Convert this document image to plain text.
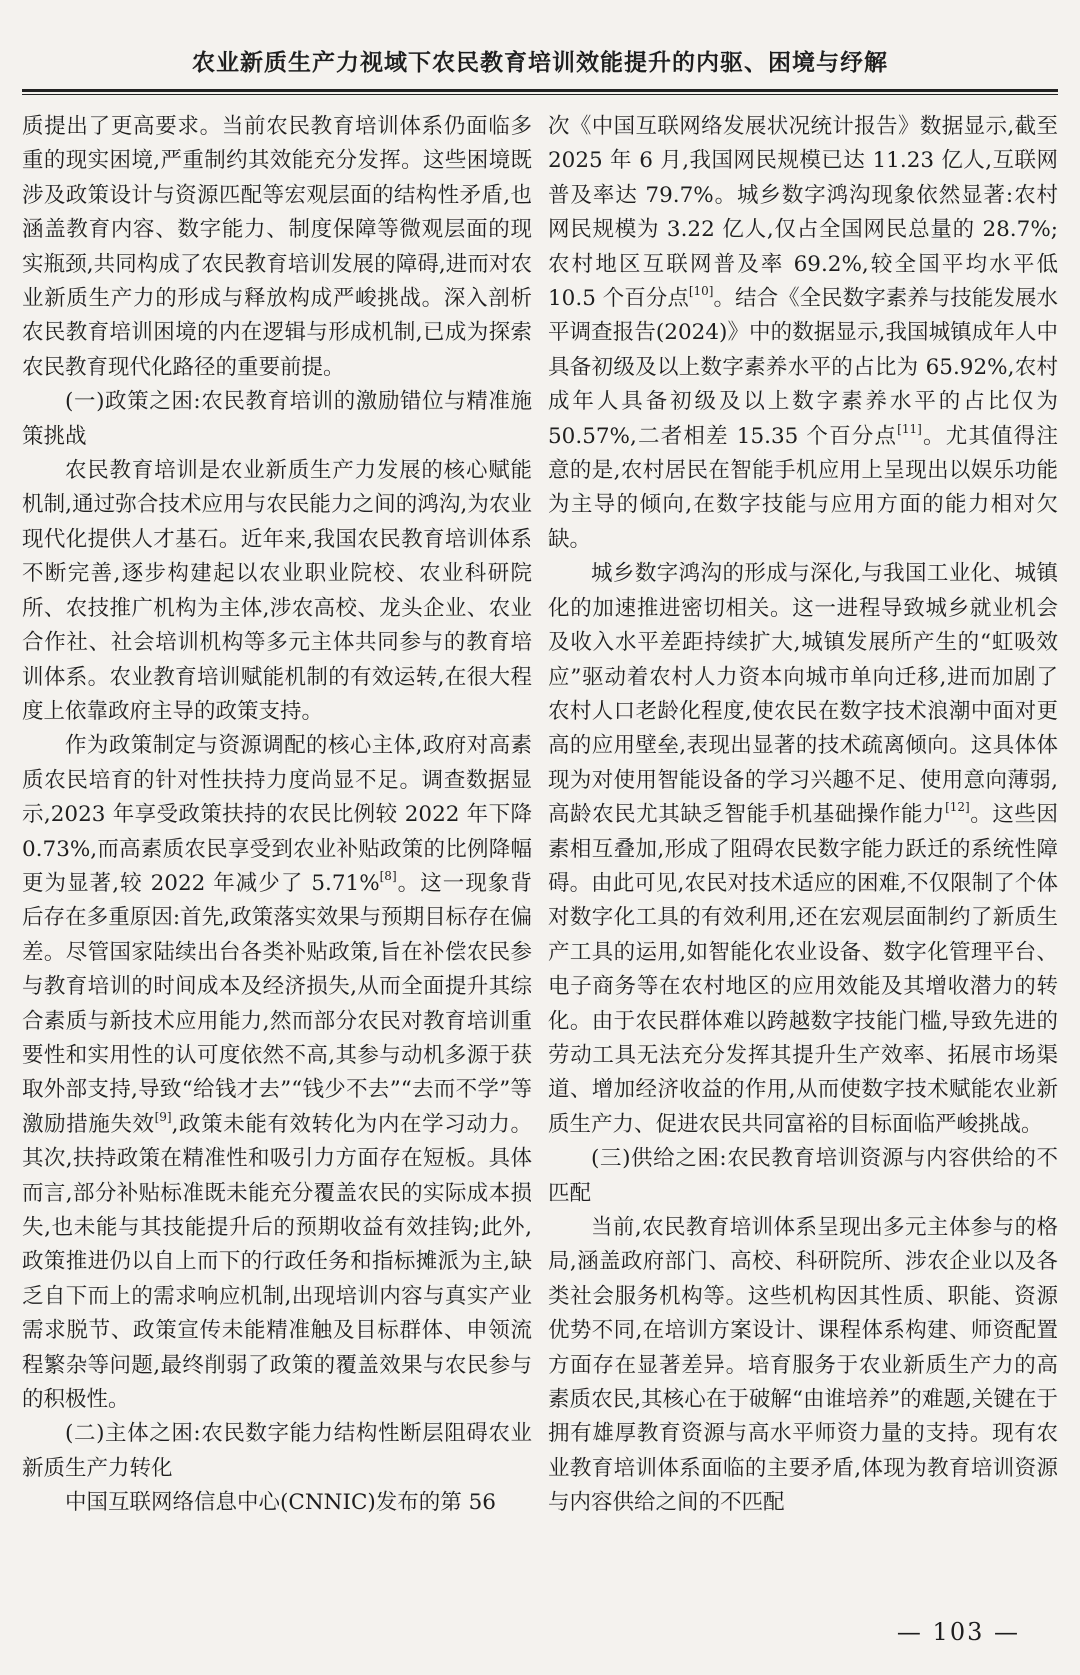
农业新质生产力视域下农民教育培训效能提升的内驱、困境与纾解

质提出了更高要求。当前农民教育培训体系仍面临多重的现实困境,严重制约其效能充分发挥。这些困境既涉及政策设计与资源匹配等宏观层面的结构性矛盾,也涵盖教育内容、数字能力、制度保障等微观层面的现实瓶颈,共同构成了农民教育培训发展的障碍,进而对农业新质生产力的形成与释放构成严峻挑战。深入剖析农民教育培训困境的内在逻辑与形成机制,已成为探索农民教育现代化路径的重要前提。

(一)政策之困:农民教育培训的激励错位与精准施策挑战

农民教育培训是农业新质生产力发展的核心赋能机制,通过弥合技术应用与农民能力之间的鸿沟,为农业现代化提供人才基石。近年来,我国农民教育培训体系不断完善,逐步构建起以农业职业院校、农业科研院所、农技推广机构为主体,涉农高校、龙头企业、农业合作社、社会培训机构等多元主体共同参与的教育培训体系。农业教育培训赋能机制的有效运转,在很大程度上依靠政府主导的政策支持。

作为政策制定与资源调配的核心主体,政府对高素质农民培育的针对性扶持力度尚显不足。调查数据显示,2023 年享受政策扶持的农民比例较 2022 年下降 0.73%,而高素质农民享受到农业补贴政策的比例降幅更为显著,较 2022 年减少了 5.71%[8]。这一现象背后存在多重原因:首先,政策落实效果与预期目标存在偏差。尽管国家陆续出台各类补贴政策,旨在补偿农民参与教育培训的时间成本及经济损失,从而全面提升其综合素质与新技术应用能力,然而部分农民对教育培训重要性和实用性的认可度依然不高,其参与动机多源于获取外部支持,导致“给钱才去”“钱少不去”“去而不学”等激励措施失效[9],政策未能有效转化为内在学习动力。其次,扶持政策在精准性和吸引力方面存在短板。具体而言,部分补贴标准既未能充分覆盖农民的实际成本损失,也未能与其技能提升后的预期收益有效挂钩;此外,政策推进仍以自上而下的行政任务和指标摊派为主,缺乏自下而上的需求响应机制,出现培训内容与真实产业需求脱节、政策宣传未能精准触及目标群体、申领流程繁杂等问题,最终削弱了政策的覆盖效果与农民参与的积极性。

(二)主体之困:农民数字能力结构性断层阻碍农业新质生产力转化

中国互联网络信息中心(CNNIC)发布的第 56

次《中国互联网络发展状况统计报告》数据显示,截至 2025 年 6 月,我国网民规模已达 11.23 亿人,互联网普及率达 79.7%。城乡数字鸿沟现象依然显著:农村网民规模为 3.22 亿人,仅占全国网民总量的 28.7%;农村地区互联网普及率 69.2%,较全国平均水平低 10.5 个百分点[10]。结合《全民数字素养与技能发展水平调查报告(2024)》中的数据显示,我国城镇成年人中具备初级及以上数字素养水平的占比为 65.92%,农村成年人具备初级及以上数字素养水平的占比仅为 50.57%,二者相差 15.35 个百分点[11]。尤其值得注意的是,农村居民在智能手机应用上呈现出以娱乐功能为主导的倾向,在数字技能与应用方面的能力相对欠缺。

城乡数字鸿沟的形成与深化,与我国工业化、城镇化的加速推进密切相关。这一进程导致城乡就业机会及收入水平差距持续扩大,城镇发展所产生的“虹吸效应”驱动着农村人力资本向城市单向迁移,进而加剧了农村人口老龄化程度,使农民在数字技术浪潮中面对更高的应用壁垒,表现出显著的技术疏离倾向。这具体体现为对使用智能设备的学习兴趣不足、使用意向薄弱,高龄农民尤其缺乏智能手机基础操作能力[12]。这些因素相互叠加,形成了阻碍农民数字能力跃迁的系统性障碍。由此可见,农民对技术适应的困难,不仅限制了个体对数字化工具的有效利用,还在宏观层面制约了新质生产工具的运用,如智能化农业设备、数字化管理平台、电子商务等在农村地区的应用效能及其增收潜力的转化。由于农民群体难以跨越数字技能门槛,导致先进的劳动工具无法充分发挥其提升生产效率、拓展市场渠道、增加经济收益的作用,从而使数字技术赋能农业新质生产力、促进农民共同富裕的目标面临严峻挑战。

(三)供给之困:农民教育培训资源与内容供给的不匹配

当前,农民教育培训体系呈现出多元主体参与的格局,涵盖政府部门、高校、科研院所、涉农企业以及各类社会服务机构等。这些机构因其性质、职能、资源优势不同,在培训方案设计、课程体系构建、师资配置方面存在显著差异。培育服务于农业新质生产力的高素质农民,其核心在于破解“由谁培养”的难题,关键在于拥有雄厚教育资源与高水平师资力量的支持。现有农业教育培训体系面临的主要矛盾,体现为教育培训资源与内容供给之间的不匹配

— 103 —
